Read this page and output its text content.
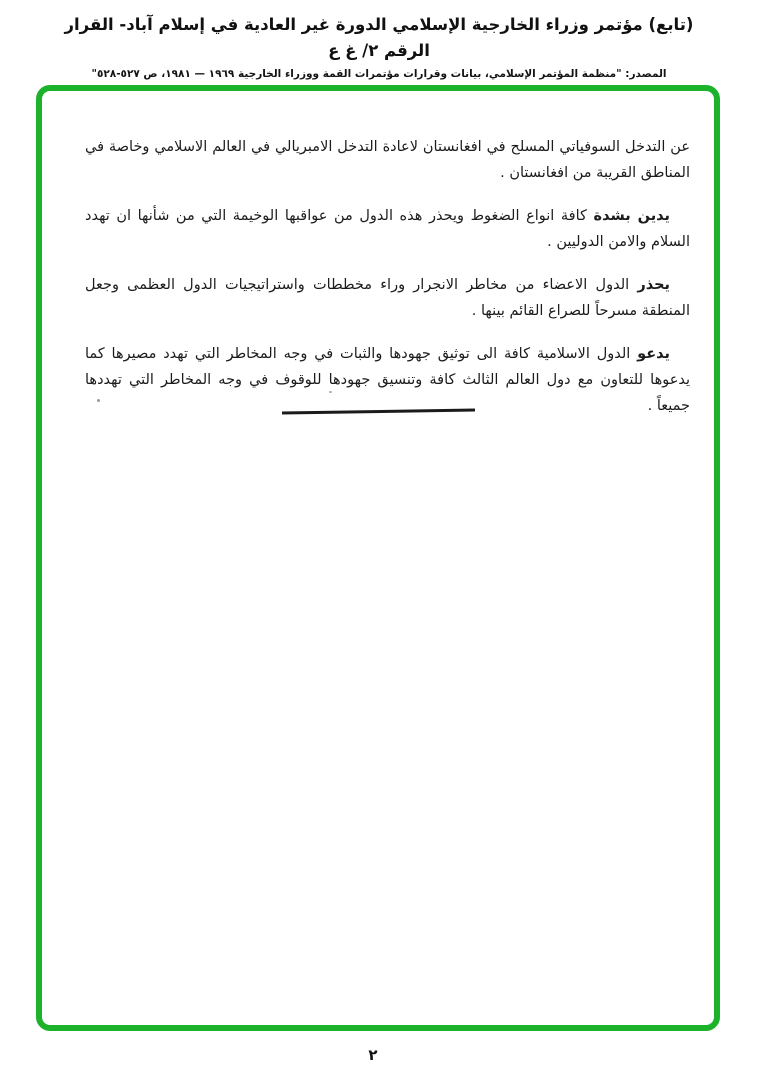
(تابع) مؤتمر وزراء الخارجية الإسلامي الدورة غير العادية في إسلام آباد- القرار الرقم ٢/ غ ع
المصدر: "منظمة المؤتمر الإسلامي، بيانات وقرارات مؤتمرات القمة ووزراء الخارجية ١٩٦٩ — ١٩٨١، ص ٥٢٧-٥٢٨"

عن التدخل السوفياتي المسلح في افغانستان لاعادة التدخل الامبريالي في العالم الاسلامي وخاصة في المناطق القريبة من افغانستان .

يدين بشدة كافة انواع الضغوط ويحذر هذه الدول من عواقبها الوخيمة التي من شأنها ان تهدد السلام والامن الدوليين .

يحذر الدول الاعضاء من مخاطر الانجرار وراء مخططات واستراتيجيات الدول العظمى وجعل المنطقة مسرحاً للصراع القائم بينها .

يدعو الدول الاسلامية كافة الى توثيق جهودها والثبات في وجه المخاطر التي تهدد مصيرها كما يدعوها للتعاون مع دول العالم الثالث كافة وتنسيق جهودها للوقوف في وجه المخاطر التي تهددها جميعاً .

٢
